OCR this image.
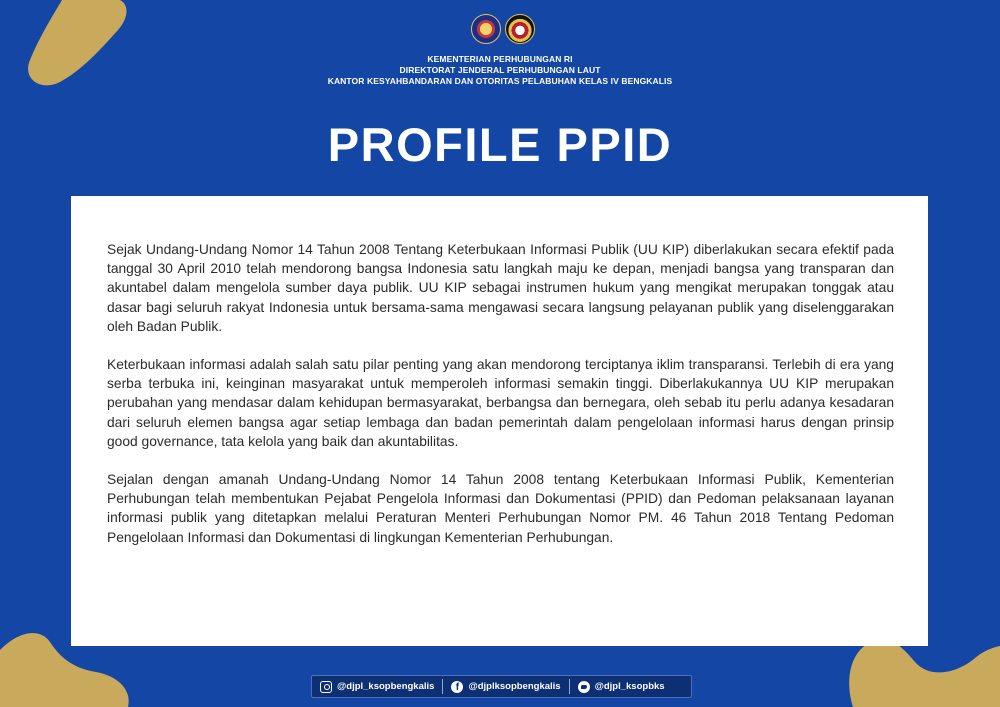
KEMENTERIAN PERHUBUNGAN RI
DIREKTORAT JENDERAL PERHUBUNGAN LAUT
KANTOR KESYAHBANDARAN DAN OTORITAS PELABUHAN KELAS IV BENGKALIS
PROFILE PPID

Sejak Undang-Undang Nomor 14 Tahun 2008 Tentang Keterbukaan Informasi Publik (UU KIP) diberlakukan secara efektif pada tanggal 30 April 2010 telah mendorong bangsa Indonesia satu langkah maju ke depan, menjadi bangsa yang transparan dan akuntabel dalam mengelola sumber daya publik. UU KIP sebagai instrumen hukum yang mengikat merupakan tonggak atau dasar bagi seluruh rakyat Indonesia untuk bersama-sama mengawasi secara langsung pelayanan publik yang diselenggarakan oleh Badan Publik.

Keterbukaan informasi adalah salah satu pilar penting yang akan mendorong terciptanya iklim transparansi. Terlebih di era yang serba terbuka ini, keinginan masyarakat untuk memperoleh informasi semakin tinggi. Diberlakukannya UU KIP merupakan perubahan yang mendasar dalam kehidupan bermasyarakat, berbangsa dan bernegara, oleh sebab itu perlu adanya kesadaran dari seluruh elemen bangsa agar setiap lembaga dan badan pemerintah dalam pengelolaan informasi harus dengan prinsip good governance, tata kelola yang baik dan akuntabilitas.

Sejalan dengan amanah Undang-Undang Nomor 14 Tahun 2008 tentang Keterbukaan Informasi Publik, Kementerian Perhubungan telah membentukan Pejabat Pengelola Informasi dan Dokumentasi (PPID) dan Pedoman pelaksanaan layanan informasi publik yang ditetapkan melalui Peraturan Menteri Perhubungan Nomor PM. 46 Tahun 2018 Tentang Pedoman Pengelolaan Informasi dan Dokumentasi di lingkungan Kementerian Perhubungan.

@djpl_ksopbengkalis	f @djplksopbengkalis	@djpl_ksopbks
